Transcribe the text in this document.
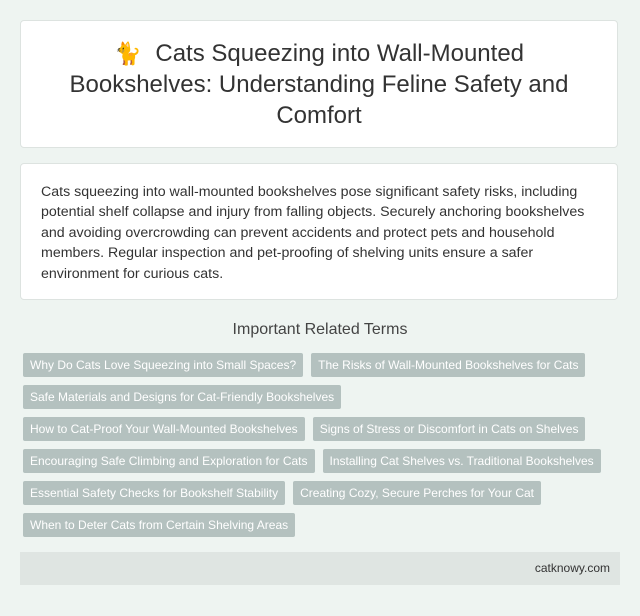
🐈 Cats Squeezing into Wall-Mounted Bookshelves: Understanding Feline Safety and Comfort

Cats squeezing into wall-mounted bookshelves pose significant safety risks, including potential shelf collapse and injury from falling objects. Securely anchoring bookshelves and avoiding overcrowding can prevent accidents and protect pets and household members. Regular inspection and pet-proofing of shelving units ensure a safer environment for curious cats.

Important Related Terms
Why Do Cats Love Squeezing into Small Spaces?	The Risks of Wall-Mounted Bookshelves for Cats
Safe Materials and Designs for Cat-Friendly Bookshelves
How to Cat-Proof Your Wall-Mounted Bookshelves	Signs of Stress or Discomfort in Cats on Shelves
Encouraging Safe Climbing and Exploration for Cats	Installing Cat Shelves vs. Traditional Bookshelves
Essential Safety Checks for Bookshelf Stability	Creating Cozy, Secure Perches for Your Cat
When to Deter Cats from Certain Shelving Areas
catknowy.com
